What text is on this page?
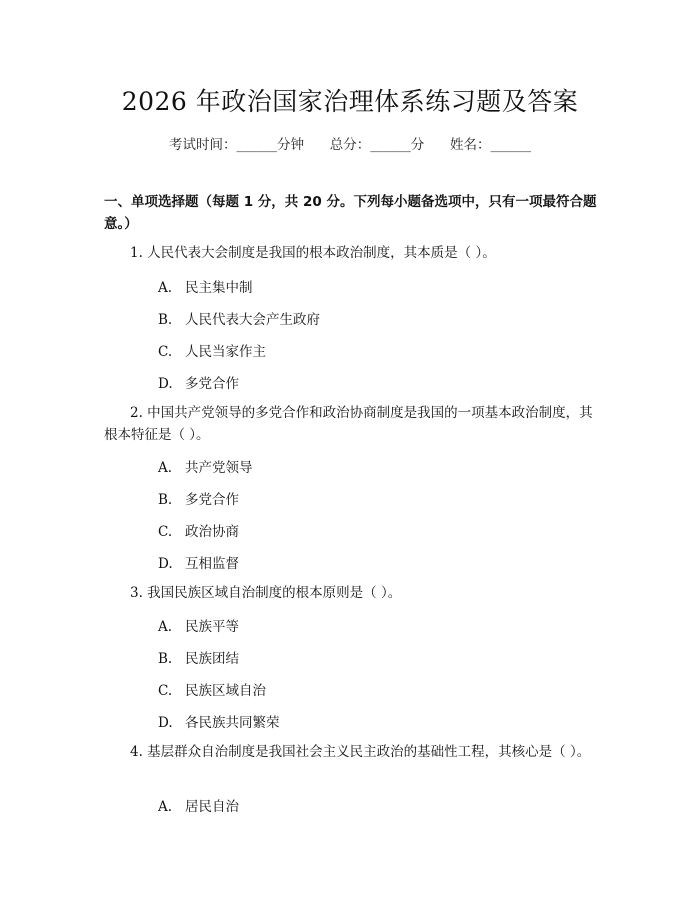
2026 年政治国家治理体系练习题及答案
考试时间：______分钟      总分：______分      姓名：______
一、单项选择题（每题 1 分，共 20 分。下列每小题备选项中，只有一项最符合题意。）
1. 人民代表大会制度是我国的根本政治制度，其本质是（ ）。
A. 民主集中制
B. 人民代表大会产生政府
C. 人民当家作主
D. 多党合作
2. 中国共产党领导的多党合作和政治协商制度是我国的一项基本政治制度，其根本特征是（ ）。
A. 共产党领导
B. 多党合作
C. 政治协商
D. 互相监督
3. 我国民族区域自治制度的根本原则是（ ）。
A. 民族平等
B. 民族团结
C. 民族区域自治
D. 各民族共同繁荣
4. 基层群众自治制度是我国社会主义民主政治的基础性工程，其核心是（ ）。
A. 居民自治
